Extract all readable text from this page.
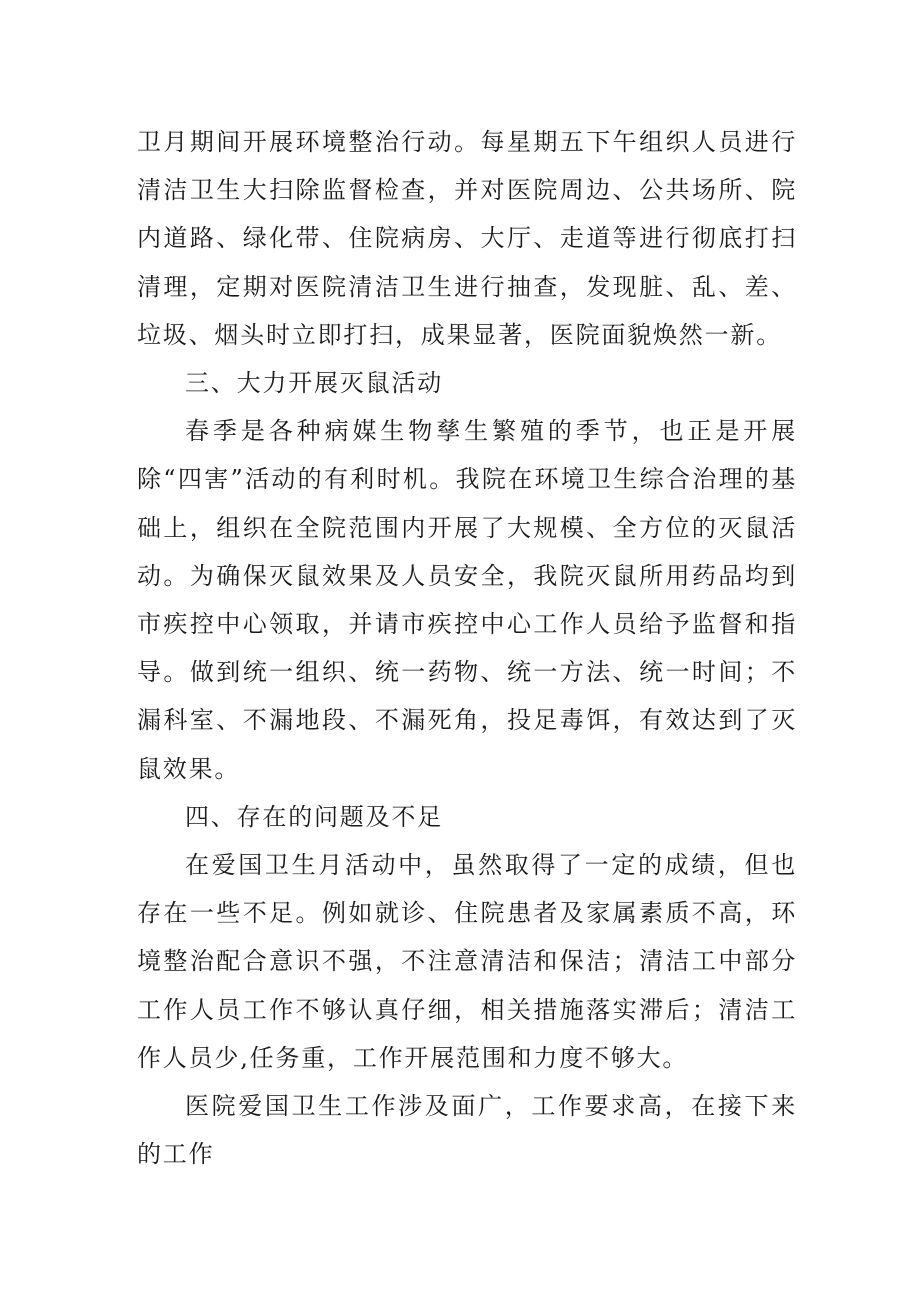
卫月期间开展环境整治行动。每星期五下午组织人员进行清洁卫生大扫除监督检查，并对医院周边、公共场所、院内道路、绿化带、住院病房、大厅、走道等进行彻底打扫清理，定期对医院清洁卫生进行抽查，发现脏、乱、差、垃圾、烟头时立即打扫，成果显著，医院面貌焕然一新。

三、大力开展灭鼠活动

春季是各种病媒生物孳生繁殖的季节，也正是开展除“四害”活动的有利时机。我院在环境卫生综合治理的基础上，组织在全院范围内开展了大规模、全方位的灭鼠活动。为确保灭鼠效果及人员安全，我院灭鼠所用药品均到市疾控中心领取，并请市疾控中心工作人员给予监督和指导。做到统一组织、统一药物、统一方法、统一时间；不漏科室、不漏地段、不漏死角，投足毒饵，有效达到了灭鼠效果。

四、存在的问题及不足

在爱国卫生月活动中，虽然取得了一定的成绩，但也存在一些不足。例如就诊、住院患者及家属素质不高，环境整治配合意识不强，不注意清洁和保洁；清洁工中部分工作人员工作不够认真仔细，相关措施落实滞后；清洁工作人员少,任务重，工作开展范围和力度不够大。

医院爱国卫生工作涉及面广，工作要求高，在接下来的工作
